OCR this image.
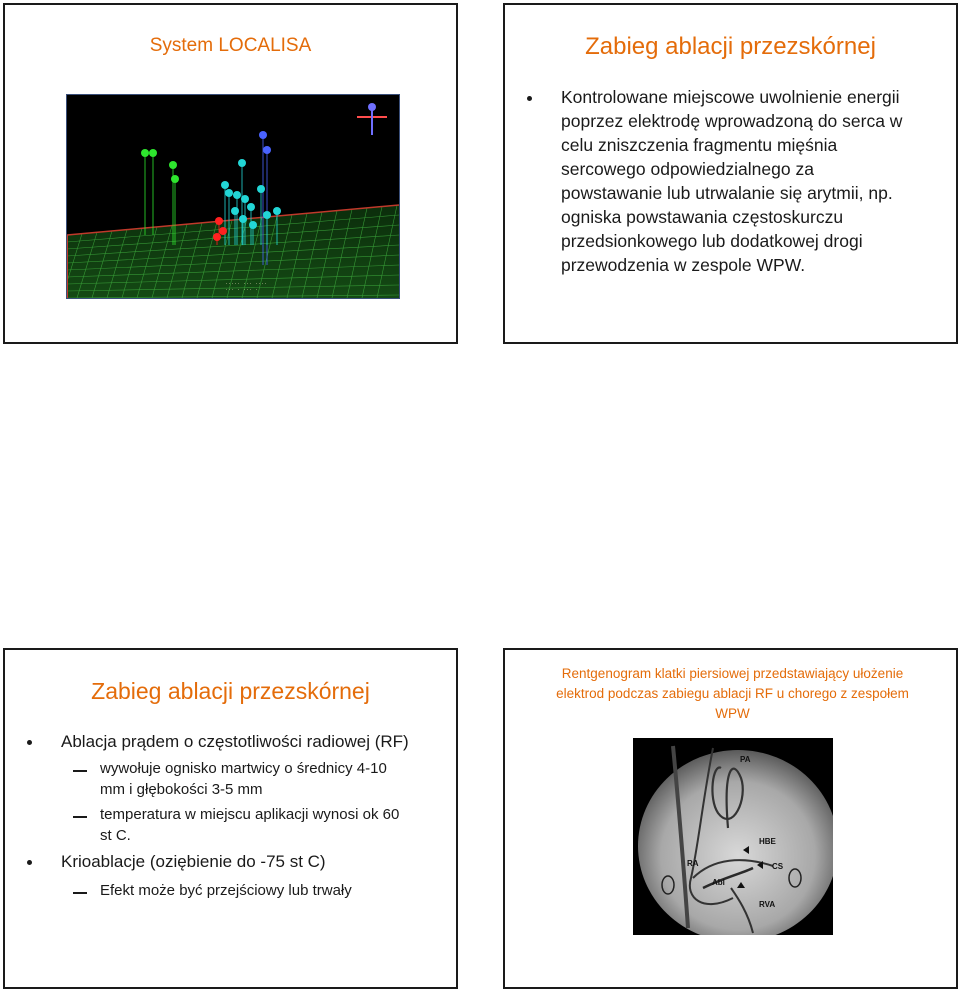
System LOCALISA
····· ··· ····
··· · ··· ·
Zabieg ablacji przezskórnej
Kontrolowane miejscowe uwolnienie energii
poprzez elektrodę wprowadzoną do serca w
celu zniszczenia fragmentu mięśnia
sercowego odpowiedzialnego za
powstawanie lub utrwalanie się arytmii, np.
ogniska powstawania częstoskurczu
przedsionkowego lub dodatkowej drogi
przewodzenia w zespole WPW.
Zabieg ablacji przezskórnej
Ablacja prądem o częstotliwości radiowej (RF)
wywołuje ognisko martwicy o średnicy 4-10
mm i głębokości 3-5 mm
temperatura w miejscu aplikacji wynosi ok 60
st C.
Krioablacje (oziębienie do -75 st C)
Efekt może być przejściowy lub trwały
Rentgenogram klatki piersiowej przedstawiający ułożenie
elektrod podczas zabiegu ablacji RF u chorego z zespołem
WPW
PA
HBE
RA	CS
Abl
RVA
